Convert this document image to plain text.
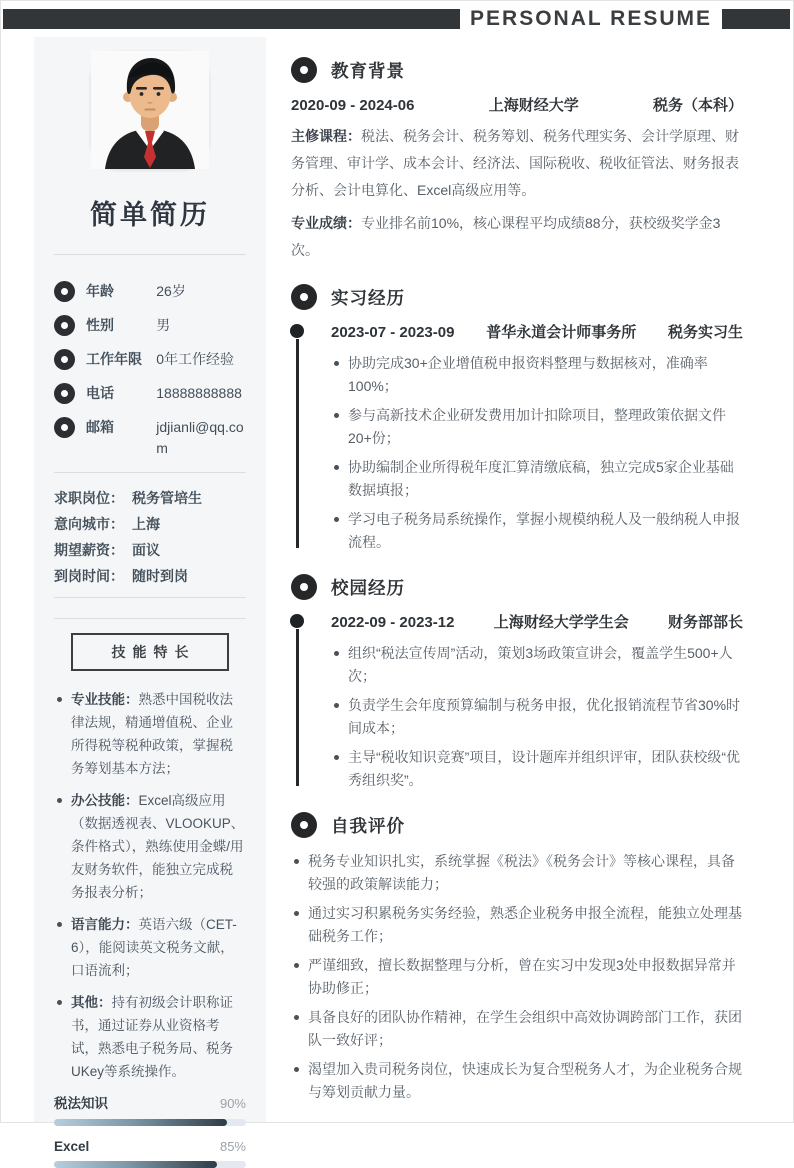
PERSONAL RESUME
简单简历
年龄	26岁
性别	男
工作年限	0年工作经验
电话	18888888888
邮箱	jdjianli@qq.com
求职岗位： 税务管培生
意向城市： 上海
期望薪资： 面议
到岗时间： 随时到岗
技能特长
专业技能：熟悉中国税收法律法规，精通增值税、企业所得税等税种政策，掌握税务筹划基本方法；
办公技能：Excel高级应用（数据透视表、VLOOKUP、条件格式），熟练使用金蝶/用友财务软件，能独立完成税务报表分析；
语言能力：英语六级（CET-6），能阅读英文税务文献，口语流利；
其他：持有初级会计职称证书，通过证券从业资格考试，熟悉电子税务局、税务UKey等系统操作。
税法知识	90%
Excel	85%
教育背景
2020-09 - 2024-06	上海财经大学	税务（本科）

主修课程：税法、税务会计、税务筹划、税务代理实务、会计学原理、财务管理、审计学、成本会计、经济法、国际税收、税收征管法、财务报表分析、会计电算化、Excel高级应用等。

专业成绩：专业排名前10%，核心课程平均成绩88分，获校级奖学金3次。

实习经历
2023-07 - 2023-09 普华永道会计师事务所 税务实习生
协助完成30+企业增值税申报资料整理与数据核对，准确率100%；
参与高新技术企业研发费用加计扣除项目，整理政策依据文件20+份；
协助编制企业所得税年度汇算清缴底稿，独立完成5家企业基础数据填报；
学习电子税务局系统操作，掌握小规模纳税人及一般纳税人申报流程。
校园经历
2022-09 - 2023-12	上海财经大学学生会	财务部部长
组织“税法宣传周”活动，策划3场政策宣讲会，覆盖学生500+人次；
负责学生会年度预算编制与税务申报，优化报销流程节省30%时间成本；
主导“税收知识竞赛”项目，设计题库并组织评审，团队获校级“优秀组织奖”。
自我评价
税务专业知识扎实，系统掌握《税法》《税务会计》等核心课程，具备较强的政策解读能力；
通过实习积累税务实务经验，熟悉企业税务申报全流程，能独立处理基础税务工作；
严谨细致，擅长数据整理与分析，曾在实习中发现3处申报数据异常并协助修正；
具备良好的团队协作精神，在学生会组织中高效协调跨部门工作，获团队一致好评；
渴望加入贵司税务岗位，快速成长为复合型税务人才，为企业税务合规与筹划贡献力量。
